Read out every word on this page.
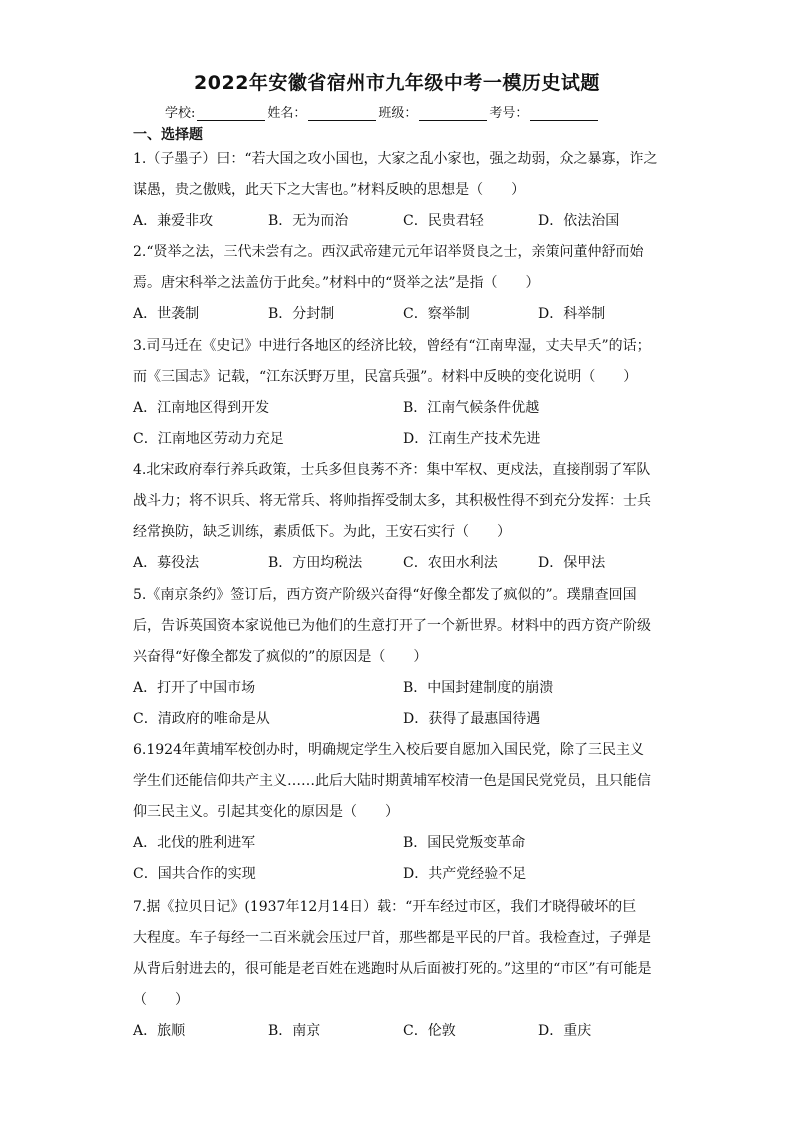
2022年安徽省宿州市九年级中考一模历史试题
学校:	姓名：	班级：	考号：
一、选择题
1.（子墨子）曰：“若大国之攻小国也，大家之乱小家也，强之劫弱，众之暴寡，诈之
谋愚，贵之傲贱，此天下之大害也。”材料反映的思想是（　　）
A．兼爱非攻	B．无为而治	C．民贵君轻	D．依法治国
2.“贤举之法，三代未尝有之。西汉武帝建元元年诏举贤良之士，亲策问董仲舒而始
焉。唐宋科举之法盖仿于此矣。”材料中的“贤举之法”是指（　　）
A．世袭制	B．分封制	C．察举制	D．科举制
3.司马迁在《史记》中进行各地区的经济比较，曾经有“江南卑湿，丈夫早夭”的话；
而《三国志》记载，“江东沃野万里，民富兵强”。材料中反映的变化说明（　　）
A．江南地区得到开发	B．江南气候条件优越
C．江南地区劳动力充足	D．江南生产技术先进
4.北宋政府奉行养兵政策，士兵多但良莠不齐：集中军权、更戍法，直接削弱了军队
战斗力；将不识兵、将无常兵、将帅指挥受制太多，其积极性得不到充分发挥：士兵
经常换防，缺乏训练，素质低下。为此，王安石实行（　　）
A．募役法	B．方田均税法	C．农田水利法	D．保甲法
5.《南京条约》签订后，西方资产阶级兴奋得“好像全都发了疯似的”。璞鼎查回国
后，告诉英国资本家说他已为他们的生意打开了一个新世界。材料中的西方资产阶级
兴奋得“好像全都发了疯似的”的原因是（　　）
A．打开了中国市场	B．中国封建制度的崩溃
C．清政府的唯命是从	D．获得了最惠国待遇
6.1924年黄埔军校创办时，明确规定学生入校后要自愿加入国民党，除了三民主义
学生们还能信仰共产主义……此后大陆时期黄埔军校清一色是国民党党员，且只能信
仰三民主义。引起其变化的原因是（　　）
A．北伐的胜利进军	B．国民党叛变革命
C．国共合作的实现	D．共产党经验不足
7.据《拉贝日记》(1937年12月14日）载：“开车经过市区，我们才晓得破坏的巨
大程度。车子每经一二百米就会压过尸首，那些都是平民的尸首。我检查过，子弹是
从背后射进去的，很可能是老百姓在逃跑时从后面被打死的。”这里的“市区”有可能是
（　　）
A．旅顺	B．南京	C．伦敦	D．重庆
